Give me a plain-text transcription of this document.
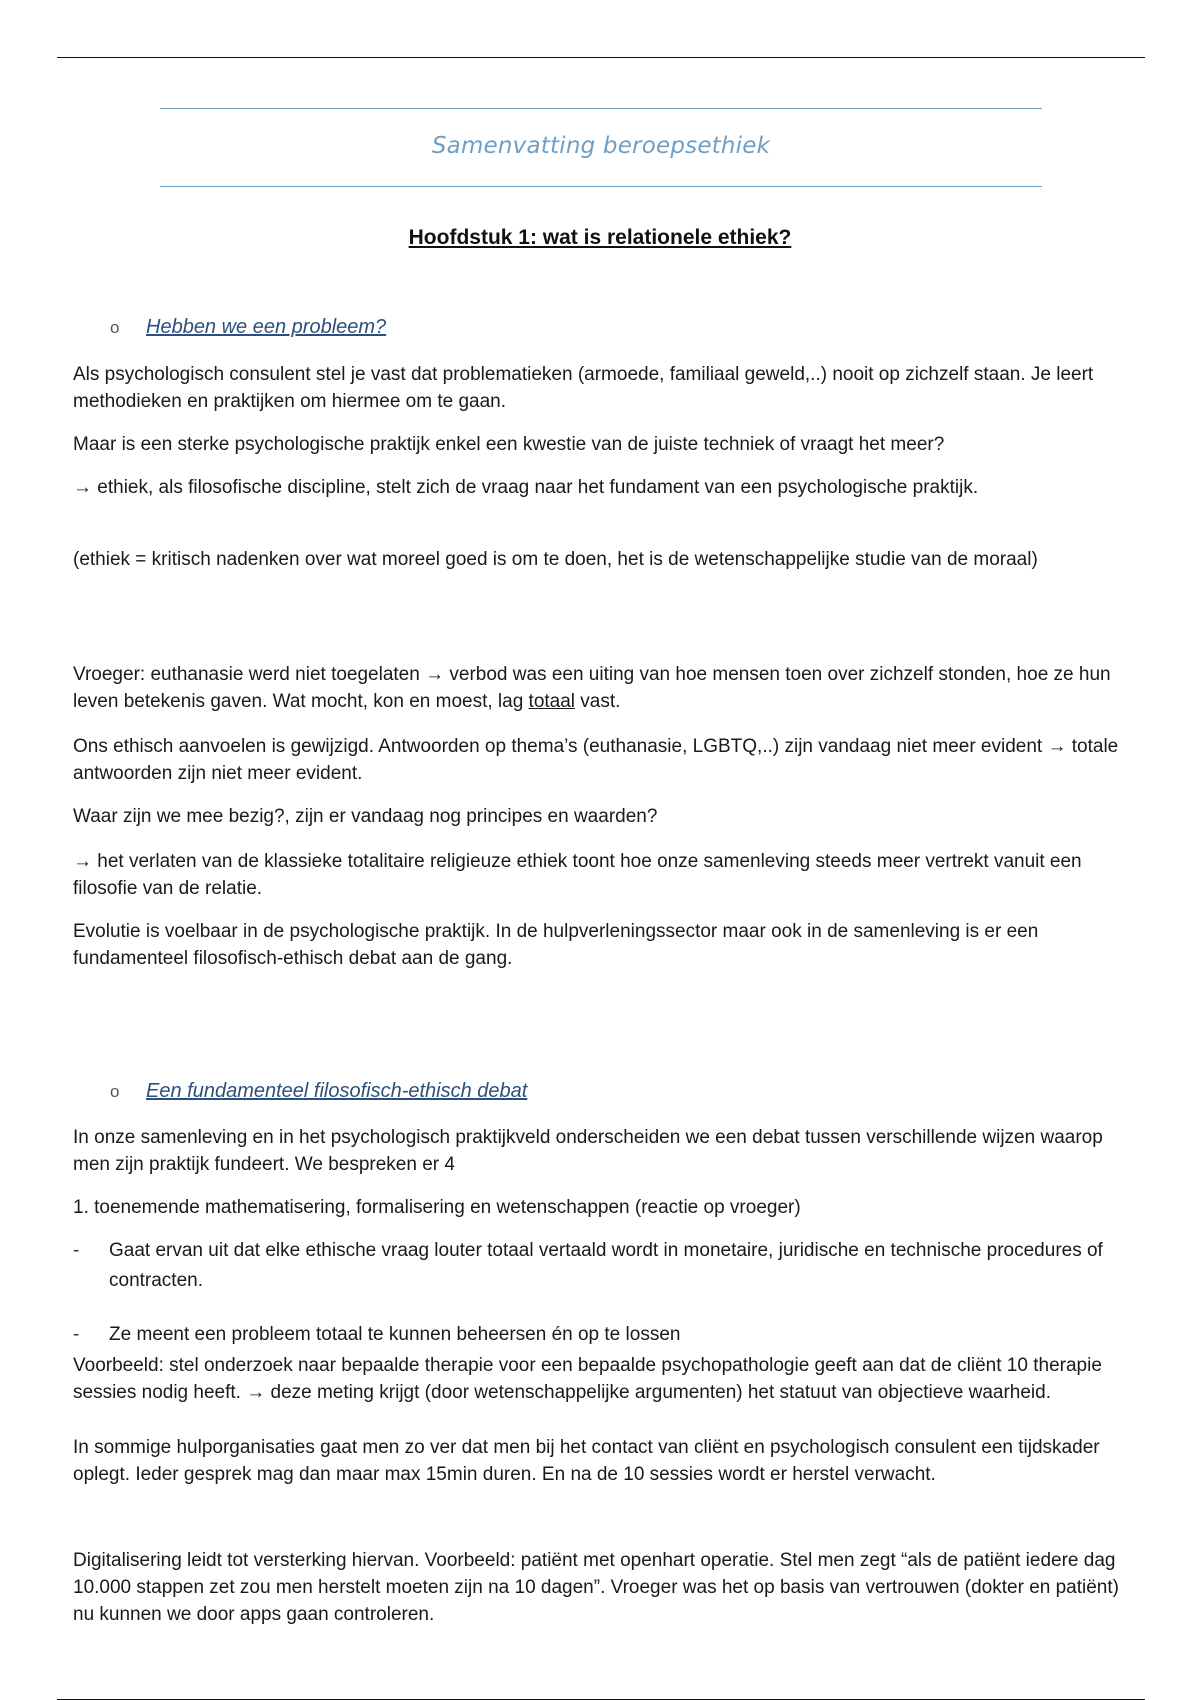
Samenvatting beroepsethiek
Hoofdstuk 1: wat is relationele ethiek?
o Hebben we een probleem?

Als psychologisch consulent stel je vast dat problematieken (armoede, familiaal geweld,..) nooit op zichzelf staan. Je leert methodieken en praktijken om hiermee om te gaan.

Maar is een sterke psychologische praktijk enkel een kwestie van de juiste techniek of vraagt het meer?

→ ethiek, als filosofische discipline, stelt zich de vraag naar het fundament van een psychologische praktijk.

(ethiek = kritisch nadenken over wat moreel goed is om te doen, het is de wetenschappelijke studie van de moraal)

Vroeger: euthanasie werd niet toegelaten → verbod was een uiting van hoe mensen toen over zichzelf stonden, hoe ze hun leven betekenis gaven. Wat mocht, kon en moest, lag totaal vast.

Ons ethisch aanvoelen is gewijzigd. Antwoorden op thema’s (euthanasie, LGBTQ,..) zijn vandaag niet meer evident → totale antwoorden zijn niet meer evident.

Waar zijn we mee bezig?, zijn er vandaag nog principes en waarden?

→ het verlaten van de klassieke totalitaire religieuze ethiek toont hoe onze samenleving steeds meer vertrekt vanuit een filosofie van de relatie.

Evolutie is voelbaar in de psychologische praktijk. In de hulpverleningssector maar ook in de samenleving is er een fundamenteel filosofisch-ethisch debat aan de gang.

o Een fundamenteel filosofisch-ethisch debat

In onze samenleving en in het psychologisch praktijkveld onderscheiden we een debat tussen verschillende wijzen waarop men zijn praktijk fundeert. We bespreken er 4

1. toenemende mathematisering, formalisering en wetenschappen (reactie op vroeger)

- Gaat ervan uit dat elke ethische vraag louter totaal vertaald wordt in monetaire, juridische en technische procedures of contracten.
- Ze meent een probleem totaal te kunnen beheersen én op te lossen

Voorbeeld: stel onderzoek naar bepaalde therapie voor een bepaalde psychopathologie geeft aan dat de cliënt 10 therapie sessies nodig heeft. → deze meting krijgt (door wetenschappelijke argumenten) het statuut van objectieve waarheid.

In sommige hulporganisaties gaat men zo ver dat men bij het contact van cliënt en psychologisch consulent een tijdskader oplegt. Ieder gesprek mag dan maar max 15min duren. En na de 10 sessies wordt er herstel verwacht.

Digitalisering leidt tot versterking hiervan. Voorbeeld: patiënt met openhart operatie. Stel men zegt “als de patiënt iedere dag 10.000 stappen zet zou men herstelt moeten zijn na 10 dagen”. Vroeger was het op basis van vertrouwen (dokter en patiënt) nu kunnen we door apps gaan controleren.
